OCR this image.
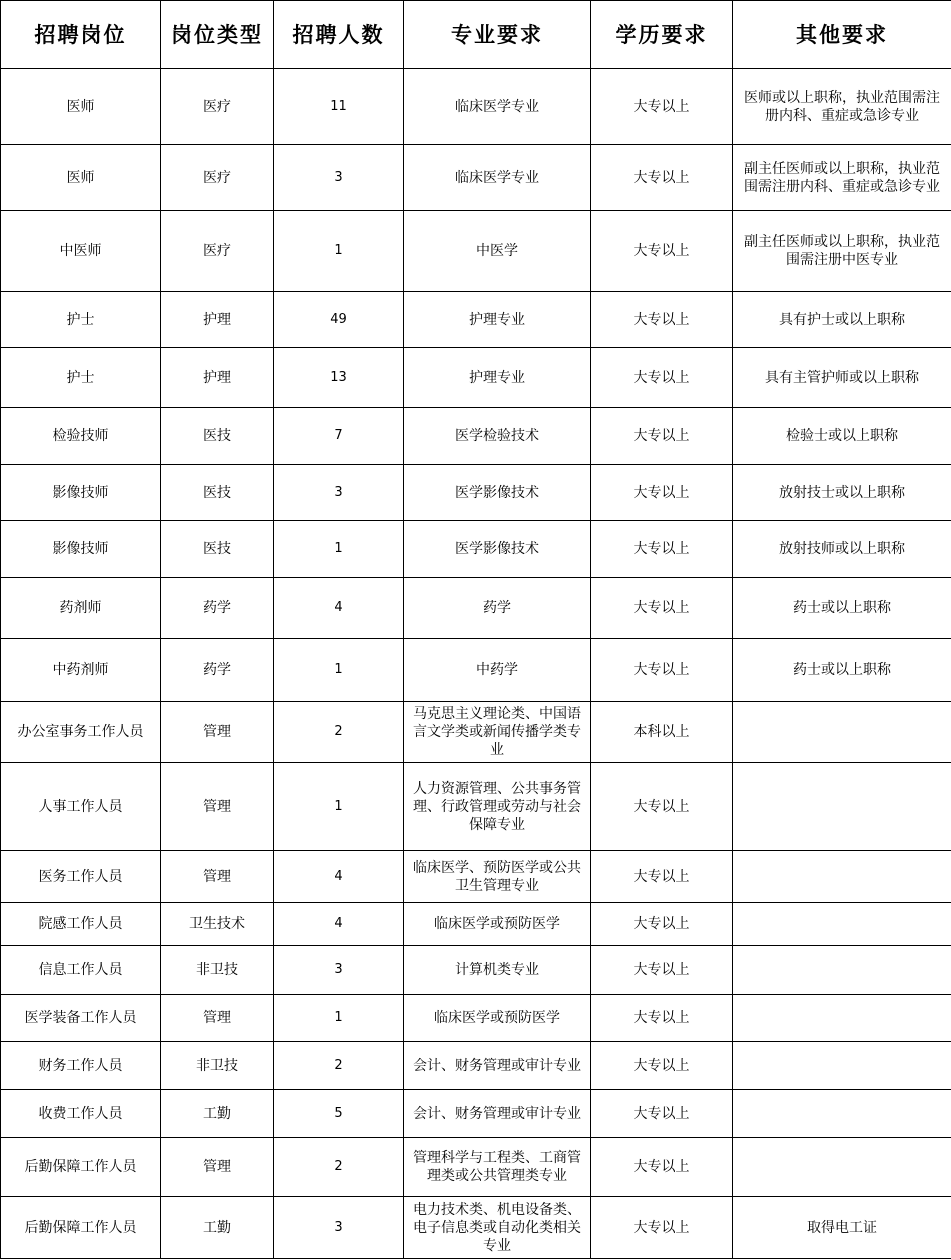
招聘岗位	岗位类型	招聘人数	专业要求	学历要求	其他要求
医师	医疗	11	临床医学专业	大专以上	医师或以上职称，执业范围需注册内科、重症或急诊专业
医师	医疗	3	临床医学专业	大专以上	副主任医师或以上职称，执业范围需注册内科、重症或急诊专业
中医师	医疗	1	中医学	大专以上	副主任医师或以上职称，执业范围需注册中医专业
护士	护理	49	护理专业	大专以上	具有护士或以上职称
护士	护理	13	护理专业	大专以上	具有主管护师或以上职称
检验技师	医技	7	医学检验技术	大专以上	检验士或以上职称
影像技师	医技	3	医学影像技术	大专以上	放射技士或以上职称
影像技师	医技	1	医学影像技术	大专以上	放射技师或以上职称
药剂师	药学	4	药学	大专以上	药士或以上职称
中药剂师	药学	1	中药学	大专以上	药士或以上职称
办公室事务工作人员	管理	2	马克思主义理论类、中国语言文学类或新闻传播学类专业	本科以上	
人事工作人员	管理	1	人力资源管理、公共事务管理、行政管理或劳动与社会保障专业	大专以上	
医务工作人员	管理	4	临床医学、预防医学或公共卫生管理专业	大专以上	
院感工作人员	卫生技术	4	临床医学或预防医学	大专以上	
信息工作人员	非卫技	3	计算机类专业	大专以上	
医学装备工作人员	管理	1	临床医学或预防医学	大专以上	
财务工作人员	非卫技	2	会计、财务管理或审计专业	大专以上	
收费工作人员	工勤	5	会计、财务管理或审计专业	大专以上	
后勤保障工作人员	管理	2	管理科学与工程类、工商管理类或公共管理类专业	大专以上	
后勤保障工作人员	工勤	3	电力技术类、机电设备类、电子信息类或自动化类相关专业	大专以上	取得电工证
